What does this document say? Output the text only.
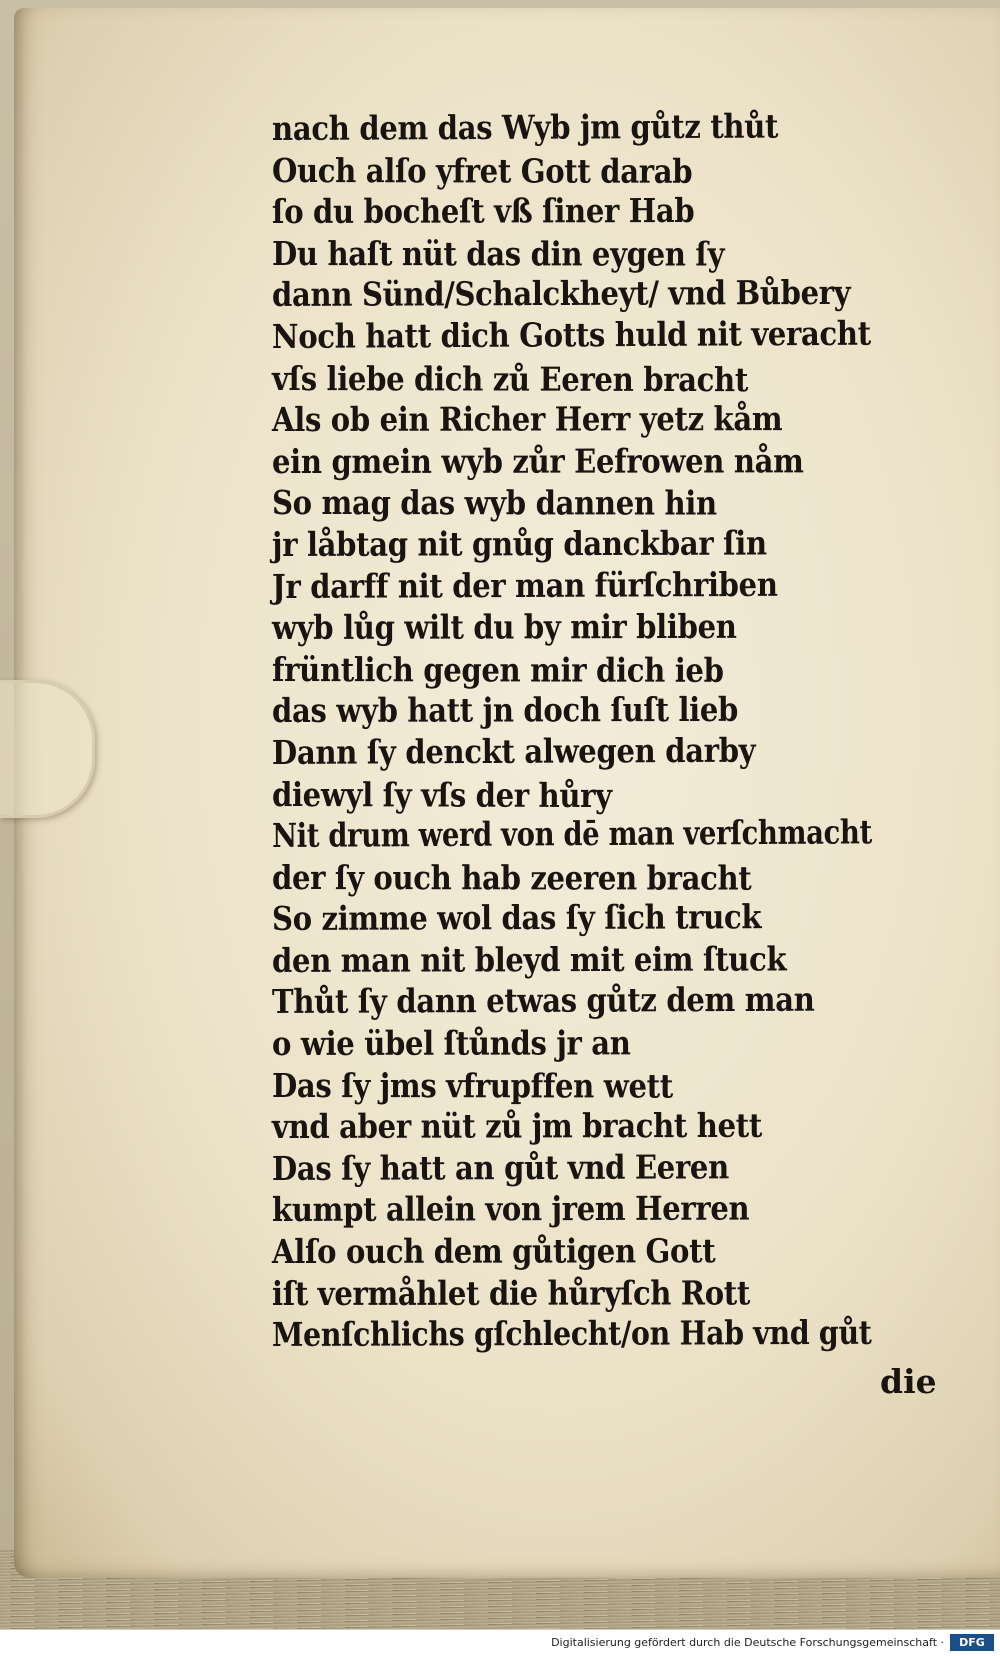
nach dem das Wyb jm gůtz thůt
Ouch alſo yfret Gott darab
ſo du bocheſt vß ſiner Hab
Du haſt nüt das din eygen ſy
dann Sünd/Schalckheyt/ vnd Bůbery
Noch hatt dich Gotts huld nit veracht
vſs liebe dich zů Eeren bracht
Als ob ein Richer Herr yetz kåm
ein gmein wyb zůr Eefrowen nåm
So mag das wyb dannen hin
jr låbtag nit gnůg danckbar ſin
Jr darff nit der man fürſchriben
wyb lůg wilt du by mir bliben
früntlich gegen mir dich ieb
das wyb hatt jn doch ſuſt lieb
Dann ſy denckt alwegen darby
diewyl ſy vſs der hůry
Nit drum werd von dē man verſchmacht
der ſy ouch hab zeeren bracht
So zimme wol das ſy ſich truck
den man nit bleyd mit eim ſtuck
Thůt ſy dann etwas gůtz dem man
o wie übel ſtůnds jr an
Das ſy jms vfrupffen wett
vnd aber nüt zů jm bracht hett
Das ſy hatt an gůt vnd Eeren
kumpt allein von jrem Herren
Alſo ouch dem gůtigen Gott
iſt vermåhlet die hůryſch Rott
Menſchlichs gſchlecht/on Hab vnd gůt
die
Digitalisierung gefördert durch die Deutsche Forschungsgemeinschaft ·	DFG
